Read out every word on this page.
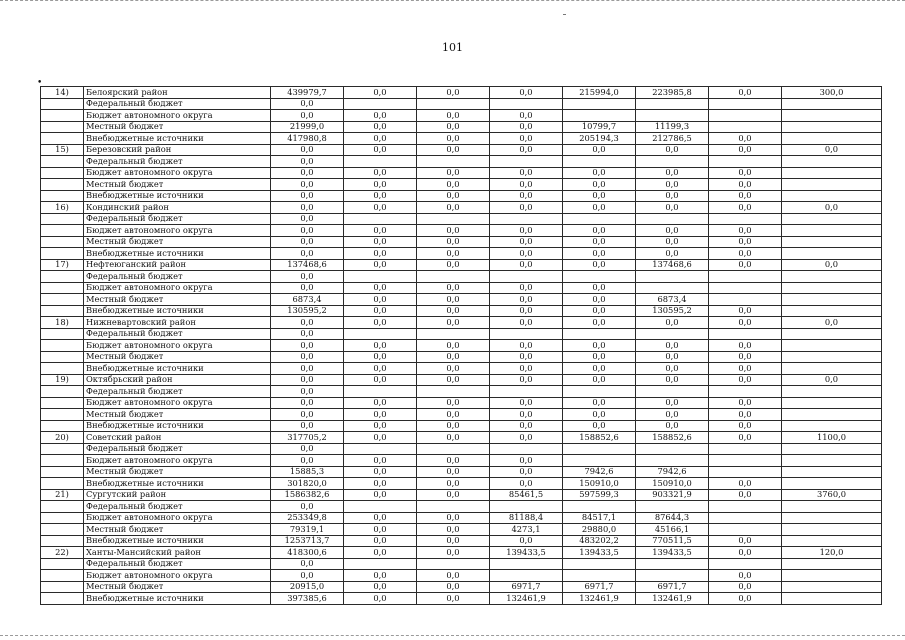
101
•
14)	Белоярский район	439979,7	0,0	0,0	0,0	215994,0	223985,8	0,0	300,0
	Федеральный бюджет	0,0							
	Бюджет автономного округа	0,0	0,0	0,0	0,0				
	Местный бюджет	21999,0	0,0	0,0	0,0	10799,7	11199,3		
	Внебюджетные источники	417980,8	0,0	0,0	0,0	205194,3	212786,5	0,0	
15)	Березовский район	0,0	0,0	0,0	0,0	0,0	0,0	0,0	0,0
	Федеральный бюджет	0,0							
	Бюджет автономного округа	0,0	0,0	0,0	0,0	0,0	0,0	0,0	
	Местный бюджет	0,0	0,0	0,0	0,0	0,0	0,0	0,0	
	Внебюджетные источники	0,0	0,0	0,0	0,0	0,0	0,0	0,0	
16)	Кондинский район	0,0	0,0	0,0	0,0	0,0	0,0	0,0	0,0
	Федеральный бюджет	0,0							
	Бюджет автономного округа	0,0	0,0	0,0	0,0	0,0	0,0	0,0	
	Местный бюджет	0,0	0,0	0,0	0,0	0,0	0,0	0,0	
	Внебюджетные источники	0,0	0,0	0,0	0,0	0,0	0,0	0,0	
17)	Нефтеюганский район	137468,6	0,0	0,0	0,0	0,0	137468,6	0,0	0,0
	Федеральный бюджет	0,0							
	Бюджет автономного округа	0,0	0,0	0,0	0,0	0,0			
	Местный бюджет	6873,4	0,0	0,0	0,0	0,0	6873,4		
	Внебюджетные источники	130595,2	0,0	0,0	0,0	0,0	130595,2	0,0	
18)	Нижневартовский район	0,0	0,0	0,0	0,0	0,0	0,0	0,0	0,0
	Федеральный бюджет	0,0							
	Бюджет автономного округа	0,0	0,0	0,0	0,0	0,0	0,0	0,0	
	Местный бюджет	0,0	0,0	0,0	0,0	0,0	0,0	0,0	
	Внебюджетные источники	0,0	0,0	0,0	0,0	0,0	0,0	0,0	
19)	Октябрьский район	0,0	0,0	0,0	0,0	0,0	0,0	0,0	0,0
	Федеральный бюджет	0,0							
	Бюджет автономного округа	0,0	0,0	0,0	0,0	0,0	0,0	0,0	
	Местный бюджет	0,0	0,0	0,0	0,0	0,0	0,0	0,0	
	Внебюджетные источники	0,0	0,0	0,0	0,0	0,0	0,0	0,0	
20)	Советский район	317705,2	0,0	0,0	0,0	158852,6	158852,6	0,0	1100,0
	Федеральный бюджет	0,0							
	Бюджет автономного округа	0,0	0,0	0,0	0,0				
	Местный бюджет	15885,3	0,0	0,0	0,0	7942,6	7942,6		
	Внебюджетные источники	301820,0	0,0	0,0	0,0	150910,0	150910,0	0,0	
21)	Сургутский район	1586382,6	0,0	0,0	85461,5	597599,3	903321,9	0,0	3760,0
	Федеральный бюджет	0,0							
	Бюджет автономного округа	253349,8	0,0	0,0	81188,4	84517,1	87644,3		
	Местный бюджет	79319,1	0,0	0,0	4273,1	29880,0	45166,1		
	Внебюджетные источники	1253713,7	0,0	0,0	0,0	483202,2	770511,5	0,0	
22)	Ханты-Мансийский район	418300,6	0,0	0,0	139433,5	139433,5	139433,5	0,0	120,0
	Федеральный бюджет	0,0							
	Бюджет автономного округа	0,0	0,0	0,0				0,0	
	Местный бюджет	20915,0	0,0	0,0	6971,7	6971,7	6971,7	0,0	
	Внебюджетные источники	397385,6	0,0	0,0	132461,9	132461,9	132461,9	0,0	
